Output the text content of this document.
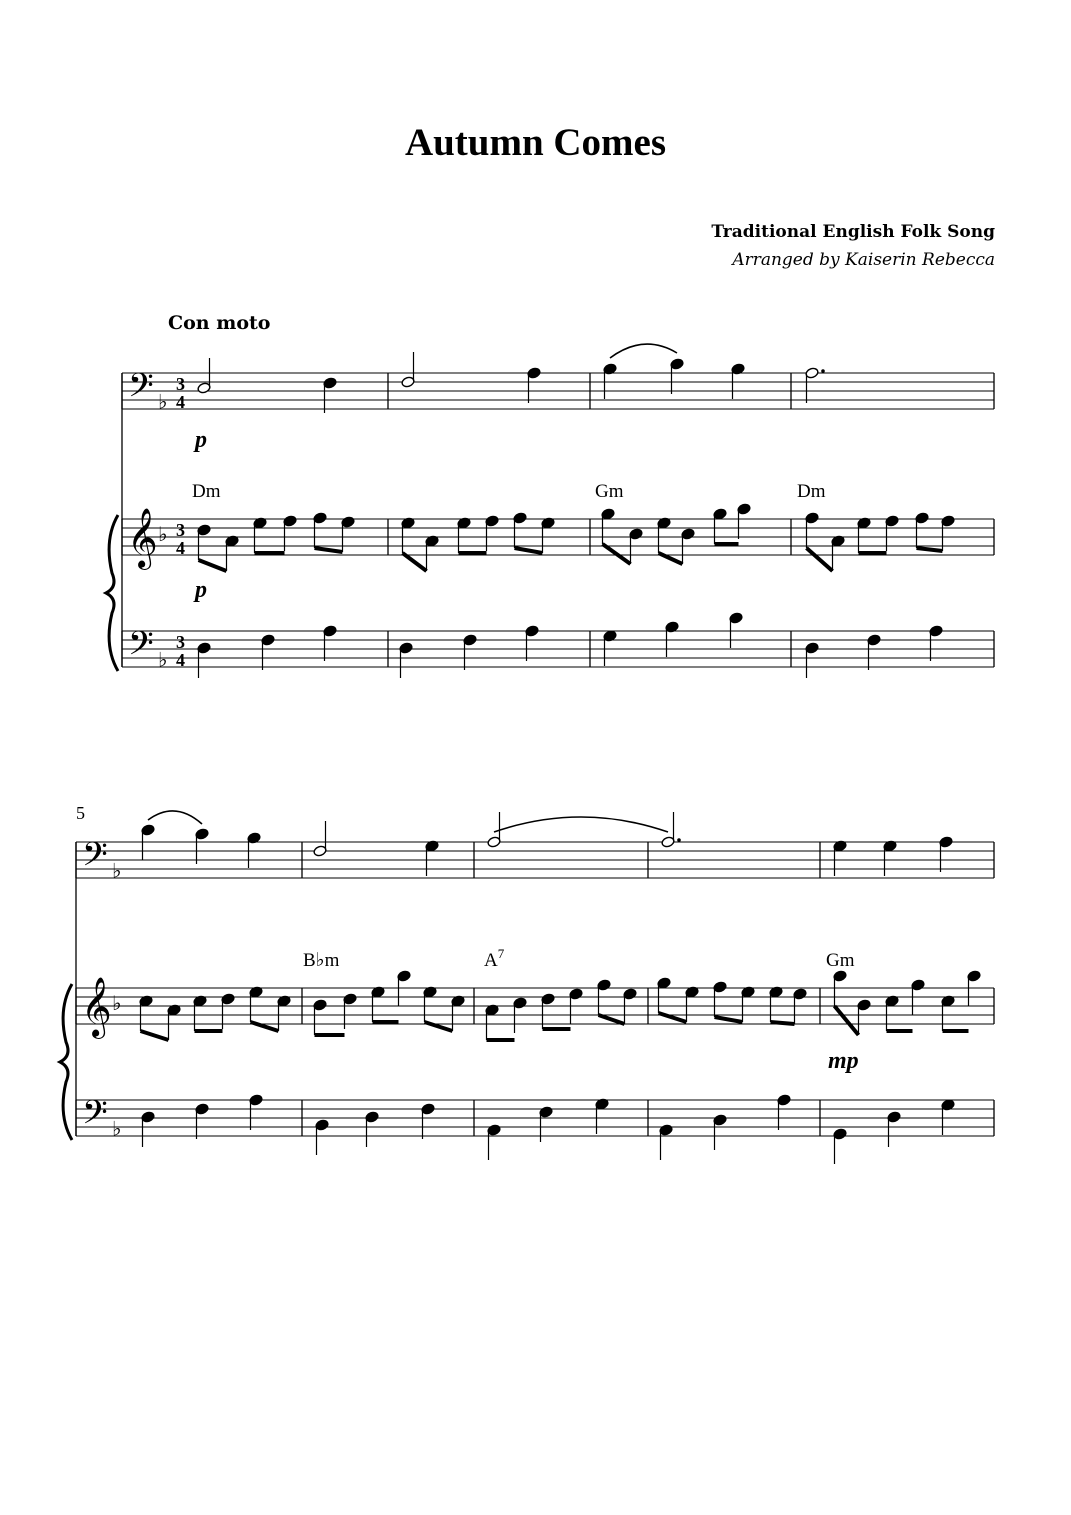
Autumn Comes
Traditional English Folk Song
Arranged by Kaiserin Rebecca
Con moto
5
𝄢 ♭
3
4
𝄞 ♭ 3
4
𝄢 ♭
3
4
𝄢 ♭
𝄞 ♭
𝄢 ♭
Dm	Gm	Dm
p
p
B♭m	$A^7$	Gm
mp
